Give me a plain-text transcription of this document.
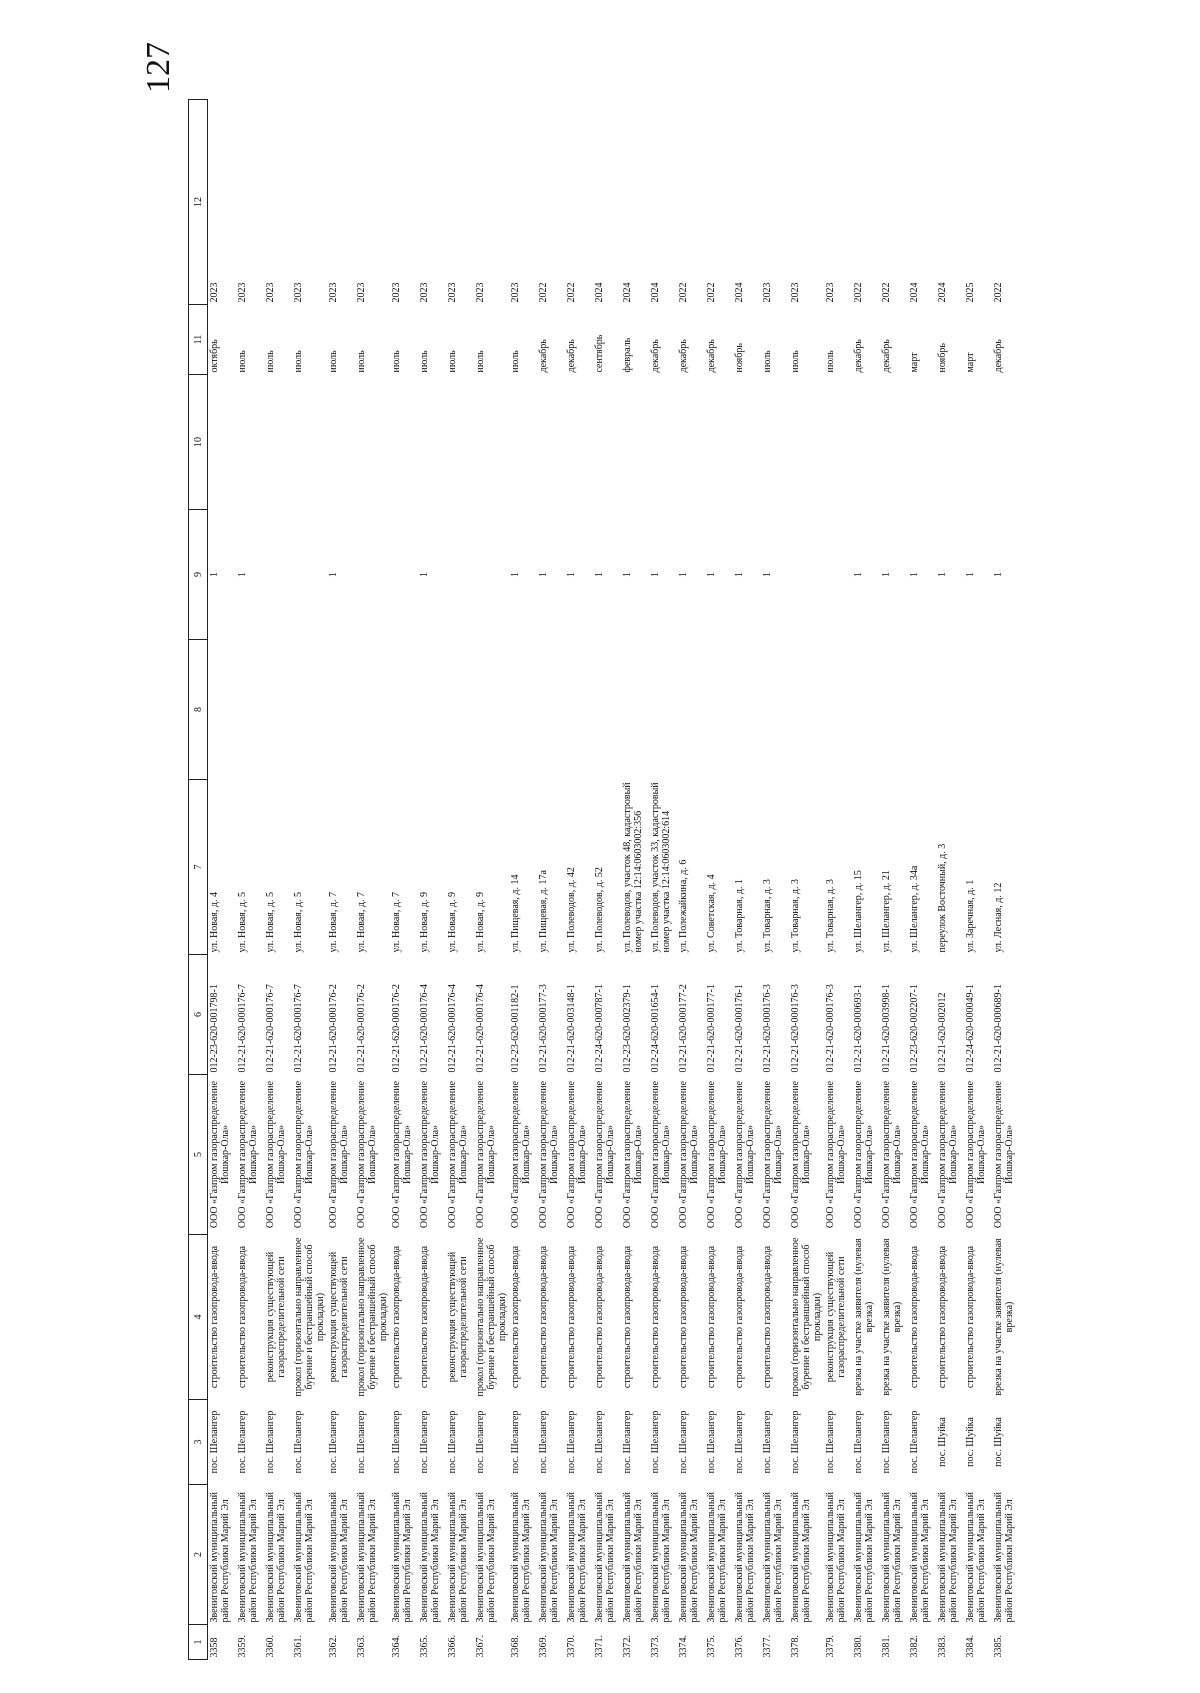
127
1	2	3	4	5	6	7	8	9	10	11	12
3358	Звениговский муниципальный район Республики Марий Эл	пос. Шелангер	строительство газопровода-ввода	ООО «Газпром газораспределение Йошкар-Ола»	012-23-620-001798-1	ул. Новая, д. 4		1		октябрь	2023
3359.	Звениговский муниципальный район Республики Марий Эл	пос. Шелангер	строительство газопровода-ввода	ООО «Газпром газораспределение Йошкар-Ола»	012-21-620-000176-7	ул. Новая, д. 5		1		июль	2023
3360.	Звениговский муниципальный район Республики Марий Эл	пос. Шелангер	реконструкция существующей газораспределительной сети	ООО «Газпром газораспределение Йошкар-Ола»	012-21-620-000176-7	ул. Новая, д. 5				июль	2023
3361.	Звениговский муниципальный район Республики Марий Эл	пос. Шелангер	прокол (горизонтально направленное бурение и бестраншейный способ прокладки)	ООО «Газпром газораспределение Йошкар-Ола»	012-21-620-000176-7	ул. Новая, д. 5				июль	2023
3362.	Звениговский муниципальный район Республики Марий Эл	пос. Шелангер	реконструкция существующей газораспределительной сети	ООО «Газпром газораспределение Йошкар-Ола»	012-21-620-000176-2	ул. Новая, д. 7		1		июль	2023
3363.	Звениговский муниципальный район Республики Марий Эл	пос. Шелангер	прокол (горизонтально направленное бурение и бестраншейный способ прокладки)	ООО «Газпром газораспределение Йошкар-Ола»	012-21-620-000176-2	ул. Новая, д. 7				июль	2023
3364.	Звениговский муниципальный район Республики Марий Эл	пос. Шелангер	строительство газопровода-ввода	ООО «Газпром газораспределение Йошкар-Ола»	012-21-620-000176-2	ул. Новая, д. 7				июль	2023
3365.	Звениговский муниципальный район Республики Марий Эл	пос. Шелангер	строительство газопровода-ввода	ООО «Газпром газораспределение Йошкар-Ола»	012-21-620-000176-4	ул. Новая, д. 9		1		июль	2023
3366.	Звениговский муниципальный район Республики Марий Эл	пос. Шелангер	реконструкция существующей газораспределительной сети	ООО «Газпром газораспределение Йошкар-Ола»	012-21-620-000176-4	ул. Новая, д. 9				июль	2023
3367.	Звениговский муниципальный район Республики Марий Эл	пос. Шелангер	прокол (горизонтально направленное бурение и бестраншейный способ прокладки)	ООО «Газпром газораспределение Йошкар-Ола»	012-21-620-000176-4	ул. Новая, д. 9				июль	2023
3368.	Звениговский муниципальный район Республики Марий Эл	пос. Шелангер	строительство газопровода-ввода	ООО «Газпром газораспределение Йошкар-Ола»	012-23-620-001182-1	ул. Пищевая, д. 14		1		июль	2023
3369.	Звениговский муниципальный район Республики Марий Эл	пос. Шелангер	строительство газопровода-ввода	ООО «Газпром газораспределение Йошкар-Ола»	012-21-620-000177-3	ул. Пищевая, д. 17а		1		декабрь	2022
3370.	Звениговский муниципальный район Республики Марий Эл	пос. Шелангер	строительство газопровода-ввода	ООО «Газпром газораспределение Йошкар-Ола»	012-21-620-003148-1	ул. Полеводов, д. 42		1		декабрь	2022
3371.	Звениговский муниципальный район Республики Марий Эл	пос. Шелангер	строительство газопровода-ввода	ООО «Газпром газораспределение Йошкар-Ола»	012-24-620-000787-1	ул. Полеводов, д. 52		1		сентябрь	2024
3372.	Звениговский муниципальный район Республики Марий Эл	пос. Шелангер	строительство газопровода-ввода	ООО «Газпром газораспределение Йошкар-Ола»	012-23-620-002379-1	ул. Полеводов, участок 48, кадастровый номер участка 12:14:0603002:356		1		февраль	2024
3373.	Звениговский муниципальный район Республики Марий Эл	пос. Шелангер	строительство газопровода-ввода	ООО «Газпром газораспределение Йошкар-Ола»	012-24-620-001654-1	ул. Полеводов, участок 33, кадастровый номер участка 12:14:0603002:614		1		декабрь	2024
3374.	Звениговский муниципальный район Республики Марий Эл	пос. Шелангер	строительство газопровода-ввода	ООО «Газпром газораспределение Йошкар-Ола»	012-21-620-000177-2	ул. Полежайкина, д. 6		1		декабрь	2022
3375.	Звениговский муниципальный район Республики Марий Эл	пос. Шелангер	строительство газопровода-ввода	ООО «Газпром газораспределение Йошкар-Ола»	012-21-620-000177-1	ул. Советская, д. 4		1		декабрь	2022
3376.	Звениговский муниципальный район Республики Марий Эл	пос. Шелангер	строительство газопровода-ввода	ООО «Газпром газораспределение Йошкар-Ола»	012-21-620-000176-1	ул. Товарная, д. 1		1		ноябрь	2024
3377.	Звениговский муниципальный район Республики Марий Эл	пос. Шелангер	строительство газопровода-ввода	ООО «Газпром газораспределение Йошкар-Ола»	012-21-620-000176-3	ул. Товарная, д. 3		1		июль	2023
3378.	Звениговский муниципальный район Республики Марий Эл	пос. Шелангер	прокол (горизонтально направленное бурение и бестраншейный способ прокладки)	ООО «Газпром газораспределение Йошкар-Ола»	012-21-620-000176-3	ул. Товарная, д. 3				июль	2023
3379.	Звениговский муниципальный район Республики Марий Эл	пос. Шелангер	реконструкция существующей газораспределительной сети	ООО «Газпром газораспределение Йошкар-Ола»	012-21-620-000176-3	ул. Товарная, д. 3				июль	2023
3380.	Звениговский муниципальный район Республики Марий Эл	пос. Шелангер	врезка на участке заявителя (нулевая врезка)	ООО «Газпром газораспределение Йошкар-Ола»	012-21-620-000693-1	ул. Шелангер, д. 15		1		декабрь	2022
3381.	Звениговский муниципальный район Республики Марий Эл	пос. Шелангер	врезка на участке заявителя (нулевая врезка)	ООО «Газпром газораспределение Йошкар-Ола»	012-21-620-003998-1	ул. Шелангер, д. 21		1		декабрь	2022
3382.	Звениговский муниципальный район Республики Марий Эл	пос. Шелангер	строительство газопровода-ввода	ООО «Газпром газораспределение Йошкар-Ола»	012-23-620-002207-1	ул. Шелангер, д. 34а		1		март	2024
3383.	Звениговский муниципальный район Республики Марий Эл	пос. Шуйка	строительство газопровода-ввода	ООО «Газпром газораспределение Йошкар-Ола»	012-21-620-002012	переулок Восточный, д. 3		1		ноябрь	2024
3384.	Звениговский муниципальный район Республики Марий Эл	пос. Шуйка	строительство газопровода-ввода	ООО «Газпром газораспределение Йошкар-Ола»	012-24-620-000049-1	ул. Заречная, д. 1		1		март	2025
3385.	Звениговский муниципальный район Республики Марий Эл	пос. Шуйка	врезка на участке заявителя (нулевая врезка)	ООО «Газпром газораспределение Йошкар-Ола»	012-21-620-000689-1	ул. Лесная, д. 12		1		декабрь	2022
